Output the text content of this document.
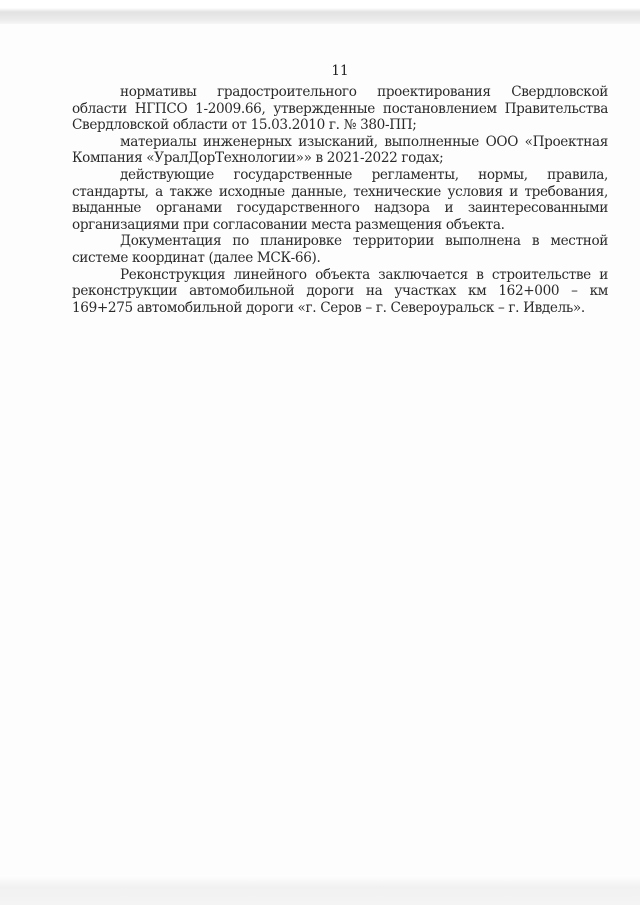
11

нормативы градостроительного проектирования Свердловской области НГПСО 1-2009.66, утвержденные постановлением Правительства Свердловской области от 15.03.2010 г. № 380-ПП;

материалы инженерных изысканий, выполненные ООО «Проектная Компания «УралДорТехнологии»» в 2021-2022 годах;

действующие государственные регламенты, нормы, правила, стандарты, а также исходные данные, технические условия и требования, выданные органами государственного надзора и заинтересованными организациями при согласовании места размещения объекта.

Документация по планировке территории выполнена в местной системе координат (далее МСК-66).

Реконструкция линейного объекта заключается в строительстве и реконструкции автомобильной дороги на участках км 162+000 – км 169+275 автомобильной дороги «г. Серов – г. Североуральск – г. Ивдель».
